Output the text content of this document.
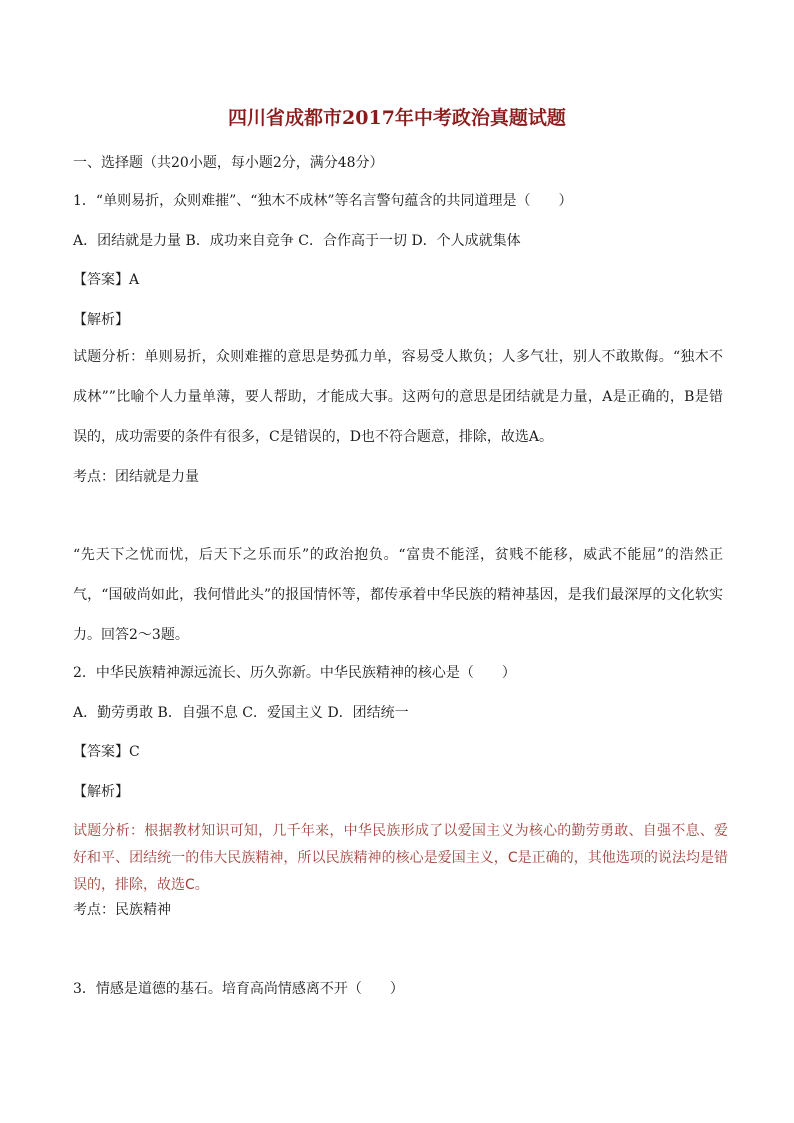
四川省成都市2017年中考政治真题试题
一、选择题（共20小题，每小题2分，满分48分）
1．“单则易折，众则难摧”、“独木不成林”等名言警句蕴含的共同道理是（　　）
A．团结就是力量 B．成功来自竞争 C．合作高于一切 D．个人成就集体
【答案】A
【解析】
试题分析：单则易折，众则难摧的意思是势孤力单，容易受人欺负；人多气壮，别人不敢欺侮。“独木不成林””比喻个人力量单薄，要人帮助，才能成大事。这两句的意思是团结就是力量，A是正确的，B是错误的，成功需要的条件有很多，C是错误的，D也不符合题意，排除，故选A。
考点：团结就是力量
“先天下之忧而忧，后天下之乐而乐”的政治抱负。“富贵不能淫，贫贱不能移，威武不能屈”的浩然正气，“国破尚如此，我何惜此头”的报国情怀等，都传承着中华民族的精神基因，是我们最深厚的文化软实力。回答2～3题。
2．中华民族精神源远流长、历久弥新。中华民族精神的核心是（　　）
A．勤劳勇敢 B．自强不息 C．爱国主义 D．团结统一
【答案】C
【解析】
试题分析：根据教材知识可知，几千年来，中华民族形成了以爱国主义为核心的勤劳勇敢、自强不息、爱好和平、团结统一的伟大民族精神，所以民族精神的核心是爱国主义，C是正确的，其他选项的说法均是错误的，排除，故选C。
考点：民族精神
3．情感是道德的基石。培育高尚情感离不开（　　）
